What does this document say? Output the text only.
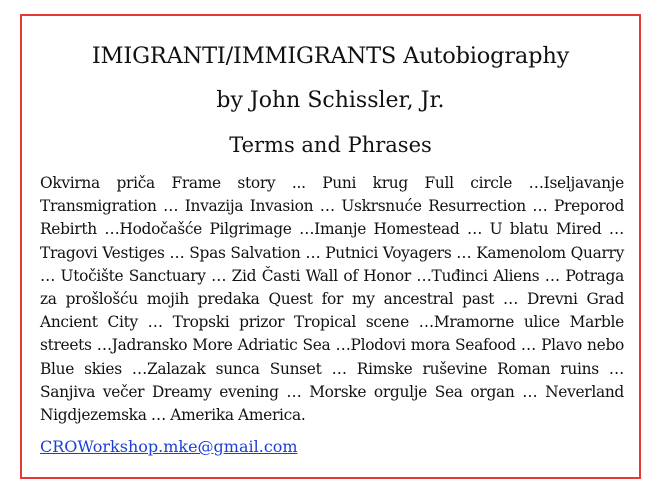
IMIGRANTI/IMMIGRANTS Autobiography
by John Schissler, Jr.
Terms and Phrases

Okvirna priča Frame story ... Puni krug Full circle …Iseljavanje Transmigration … Invazija Invasion … Uskrsnuće Resurrection … Preporod Rebirth …Hodočašće Pilgrimage …Imanje Homestead … U blatu Mired … Tragovi Vestiges … Spas Salvation … Putnici Voyagers … Kamenolom Quarry … Utočište Sanctuary … Zid Časti Wall of Honor …Tuđinci Aliens … Potraga za prošlošću mojih predaka Quest for my ancestral past … Drevni Grad Ancient City … Tropski prizor Tropical scene …Mramorne ulice Marble streets …Jadransko More Adriatic Sea …Plodovi mora Seafood … Plavo nebo Blue skies …Zalazak sunca Sunset … Rimske ruševine Roman ruins … Sanjiva večer Dreamy evening … Morske orgulje Sea organ … Neverland Nigdjezemska … Amerika America.

CROWorkshop.mke@gmail.com
